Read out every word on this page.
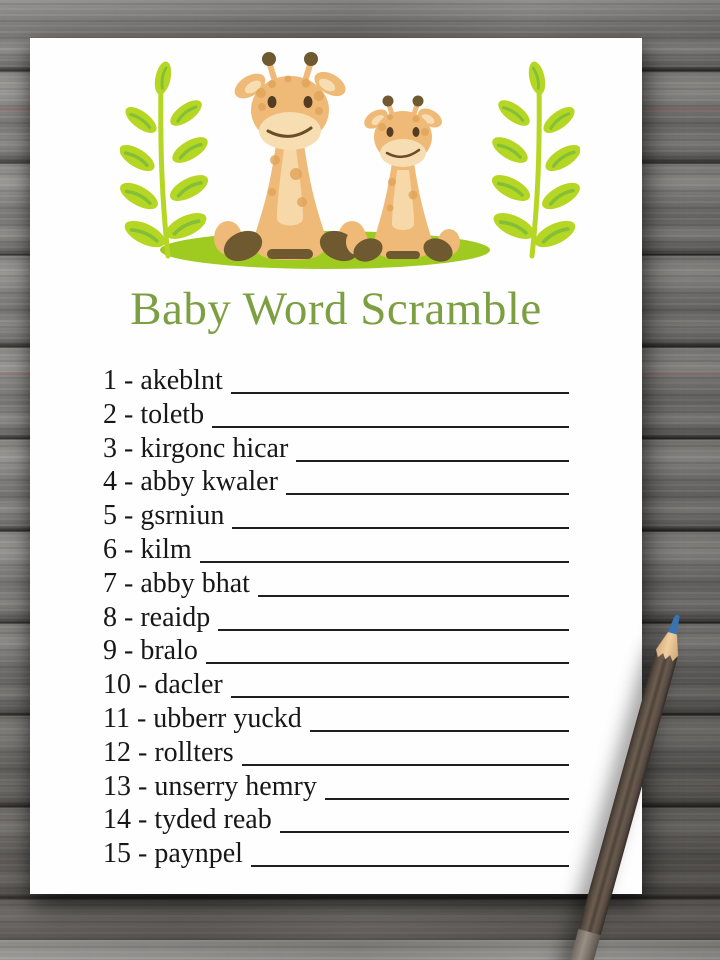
Baby Word Scramble
1 - akeblnt
2 - toletb
3 - kirgonc hicar
4 - abby kwaler
5 - gsrniun
6 - kilm
7 - abby bhat
8 - reaidp
9 - bralo
10 - dacler
11 - ubberr yuckd
12 - rollters
13 - unserry hemry
14 - tyded reab
15 - paynpel
